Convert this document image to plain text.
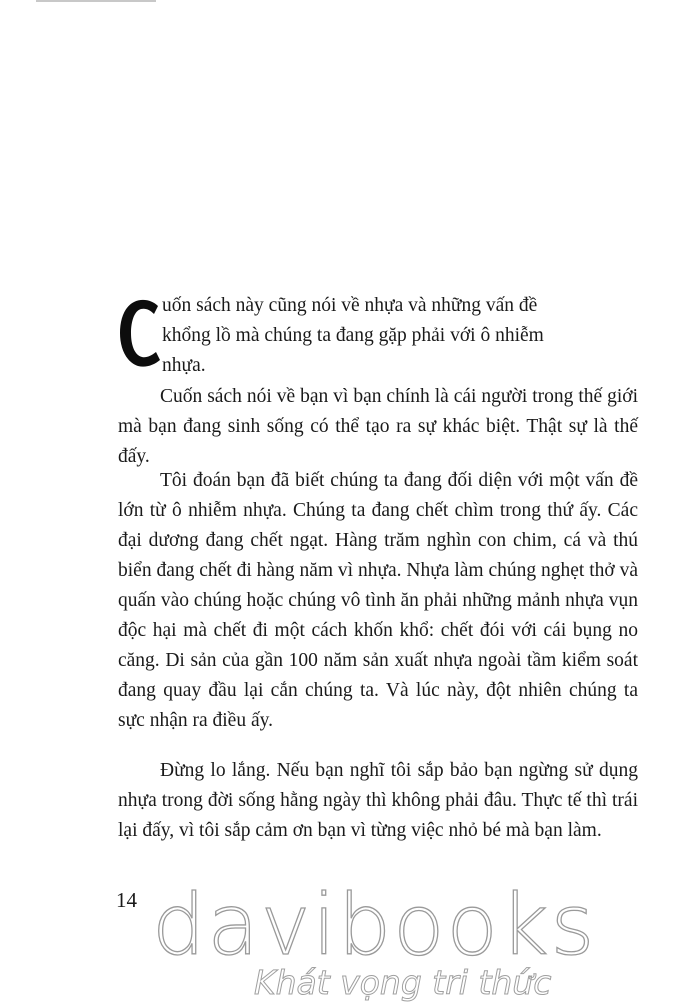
uốn sách này cũng nói về nhựa và những vấn đề
khổng lồ mà chúng ta đang gặp phải với ô nhiễm
nhựa.

Cuốn sách nói về bạn vì bạn chính là cái người trong thế giới mà bạn đang sinh sống có thể tạo ra sự khác biệt. Thật sự là thế đấy.

Tôi đoán bạn đã biết chúng ta đang đối diện với một vấn đề lớn từ ô nhiễm nhựa. Chúng ta đang chết chìm trong thứ ấy. Các đại dương đang chết ngạt. Hàng trăm nghìn con chim, cá và thú biển đang chết đi hàng năm vì nhựa. Nhựa làm chúng nghẹt thở và quấn vào chúng hoặc chúng vô tình ăn phải những mảnh nhựa vụn độc hại mà chết đi một cách khốn khổ: chết đói với cái bụng no căng. Di sản của gần 100 năm sản xuất nhựa ngoài tầm kiểm soát đang quay đầu lại cắn chúng ta. Và lúc này, đột nhiên chúng ta sực nhận ra điều ấy.

Đừng lo lắng. Nếu bạn nghĩ tôi sắp bảo bạn ngừng sử dụng nhựa trong đời sống hằng ngày thì không phải đâu. Thực tế thì trái lại đấy, vì tôi sắp cảm ơn bạn vì từng việc nhỏ bé mà bạn làm.

14 davibooks
Khát vọng tri thức
